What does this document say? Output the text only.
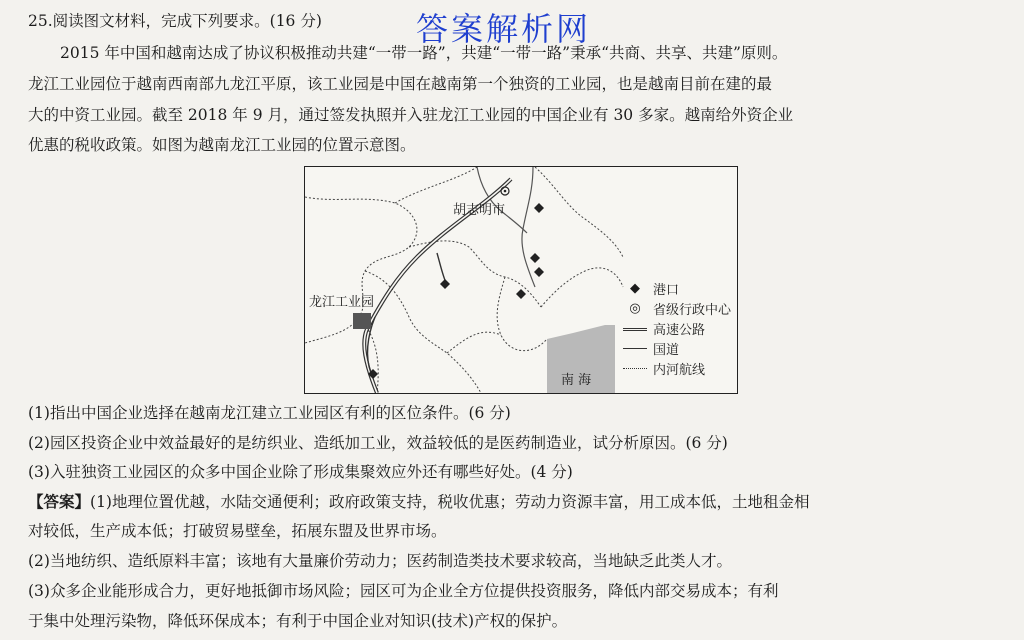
答案解析网
25.阅读图文材料，完成下列要求。(16 分)
2015 年中国和越南达成了协议积极推动共建“一带一路”，共建“一带一路”秉承“共商、共享、共建”原则。
龙江工业园位于越南西南部九龙江平原，该工业园是中国在越南第一个独资的工业园，也是越南目前在建的最
大的中资工业园。截至 2018 年 9 月，通过签发执照并入驻龙江工业园的中国企业有 30 多家。越南给外资企业
优惠的税收政策。如图为越南龙江工业园的位置示意图。
胡志明市
龙江工业园
南 海
◆	港口
◎ 省级行政中心
高速公路
国道
内河航线
(1)指出中国企业选择在越南龙江建立工业园区有利的区位条件。(6 分)
(2)园区投资企业中效益最好的是纺织业、造纸加工业，效益较低的是医药制造业，试分析原因。(6 分)
(3)入驻独资工业园区的众多中国企业除了形成集聚效应外还有哪些好处。(4 分)
【答案】(1)地理位置优越，水陆交通便利；政府政策支持，税收优惠；劳动力资源丰富，用工成本低，土地租金相
对较低，生产成本低；打破贸易壁垒，拓展东盟及世界市场。
(2)当地纺织、造纸原料丰富；该地有大量廉价劳动力；医药制造类技术要求较高，当地缺乏此类人才。
(3)众多企业能形成合力，更好地抵御市场风险；园区可为企业全方位提供投资服务，降低内部交易成本；有利
于集中处理污染物，降低环保成本；有利于中国企业对知识(技术)产权的保护。
